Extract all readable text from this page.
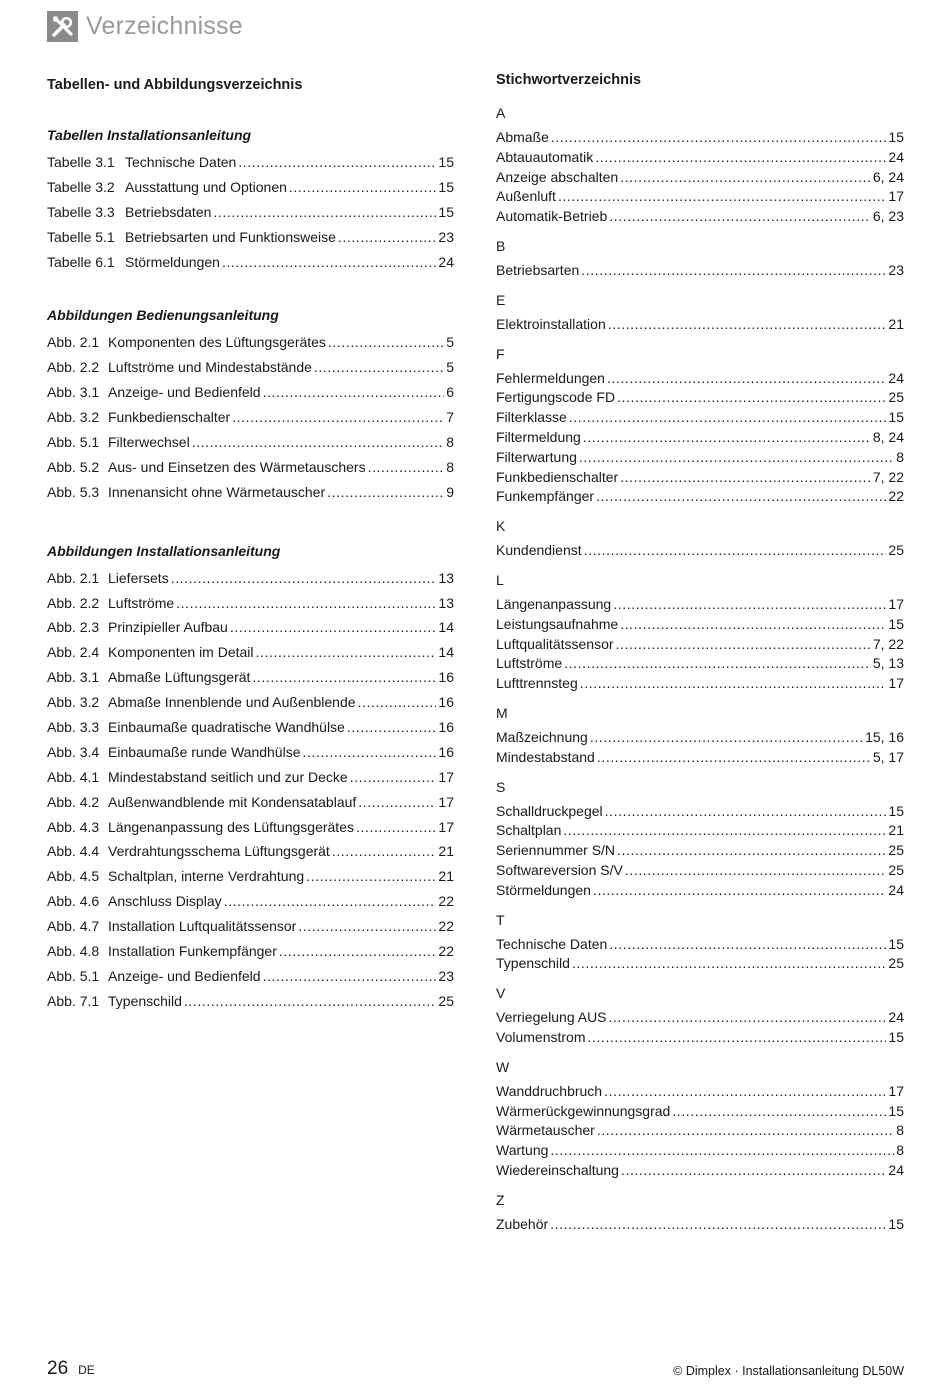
Verzeichnisse
Tabellen- und Abbildungsverzeichnis
Tabellen Installationsanleitung
Tabelle 3.1 Technische Daten .....	15
Tabelle 3.2 Ausstattung und Optionen .....	15
Tabelle 3.3 Betriebsdaten .....	15
Tabelle 5.1 Betriebsarten und Funktionsweise .....	23
Tabelle 6.1 Störmeldungen .....	24
Abbildungen Bedienungsanleitung
Abb. 2.1 Komponenten des Lüftungsgerätes .....	5
Abb. 2.2 Luftströme und Mindestabstände .....	5
Abb. 3.1 Anzeige- und Bedienfeld .....	6
Abb. 3.2 Funkbedienschalter .....	7
Abb. 5.1 Filterwechsel .....	8
Abb. 5.2 Aus- und Einsetzen des Wärmetauschers .....	8
Abb. 5.3 Innenansicht ohne Wärmetauscher .....	9
Abbildungen Installationsanleitung
Abb. 2.1 Liefersets .....	13
Abb. 2.2 Luftströme .....	13
Abb. 2.3 Prinzipieller Aufbau .....	14
Abb. 2.4 Komponenten im Detail .....	14
Abb. 3.1 Abmaße Lüftungsgerät .....	16
Abb. 3.2 Abmaße Innenblende und Außenblende .....	16
Abb. 3.3 Einbaumaße quadratische Wandhülse .....	16
Abb. 3.4 Einbaumaße runde Wandhülse .....	16
Abb. 4.1 Mindestabstand seitlich und zur Decke .....	17
Abb. 4.2 Außenwandblende mit Kondensatablauf .....	17
Abb. 4.3 Längenanpassung des Lüftungsgerätes .....	17
Abb. 4.4 Verdrahtungsschema Lüftungsgerät .....	21
Abb. 4.5 Schaltplan, interne Verdrahtung .....	21
Abb. 4.6 Anschluss Display .....	22
Abb. 4.7 Installation Luftqualitätssensor .....	22
Abb. 4.8 Installation Funkempfänger .....	22
Abb. 5.1 Anzeige- und Bedienfeld .....	23
Abb. 7.1 Typenschild .....	25
Stichwortverzeichnis
A
Abmaße .....	15
Abtauautomatik .....	24
Anzeige abschalten .....	6, 24
Außenluft .....	17
Automatik-Betrieb .....	6, 23
B
Betriebsarten .....	23
E
Elektroinstallation .....	21
F
Fehlermeldungen .....	24
Fertigungscode FD .....	25
Filterklasse .....	15
Filtermeldung .....	8, 24
Filterwartung .....	8
Funkbedienschalter .....	7, 22
Funkempfänger .....	22
K
Kundendienst .....	25
L
Längenanpassung .....	17
Leistungsaufnahme .....	15
Luftqualitätssensor .....	7, 22
Luftströme .....	5, 13
Lufttrennsteg .....	17
M
Maßzeichnung .....	15, 16
Mindestabstand .....	5, 17
S
Schalldruckpegel .....	15
Schaltplan .....	21
Seriennummer S/N .....	25
Softwareversion S/V .....	25
Störmeldungen .....	24
T
Technische Daten .....	15
Typenschild .....	25
V
Verriegelung AUS .....	24
Volumenstrom .....	15
W
Wanddruchbruch .....	17
Wärmerückgewinnungsgrad .....	15
Wärmetauscher .....	8
Wartung .....	8
Wiedereinschaltung .....	24
Z
Zubehör .....	15
26 DE	© Dimplex · Installationsanleitung DL50W
